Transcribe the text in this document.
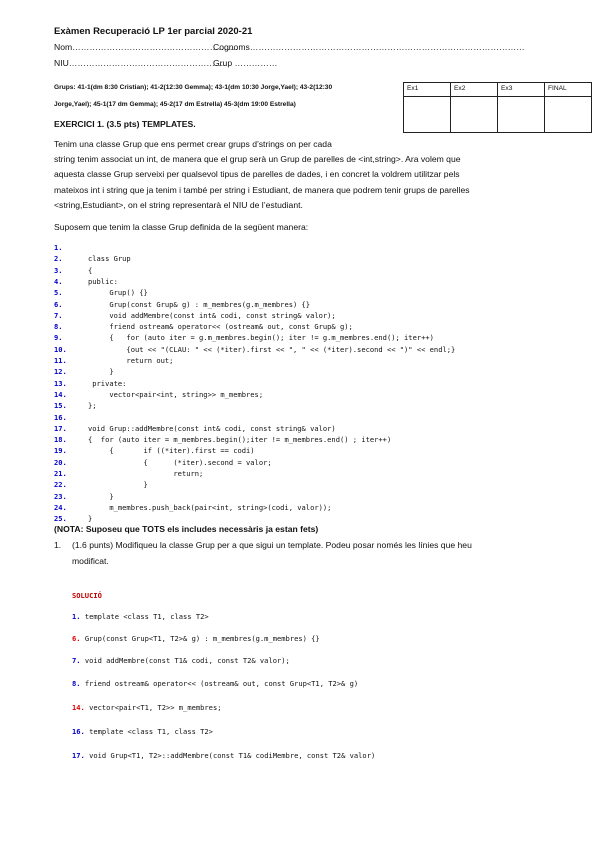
Exàmen Recuperació LP 1er parcial 2020-21
Nom………………………………………………….
Cognoms……………………………………………………………………………………
NIU……………………………………………….
Grup ……………
Grups: 41-1(dm 8:30 Cristian); 41-2(12:30 Gemma); 43-1(dm 10:30 Jorge,Yael); 43-2(12:30
Jorge,Yael); 45-1(17 dm Gemma); 45-2(17 dm Estrella) 45-3(dm 19:00 Estrella)
Ex1	Ex2	Ex3	FINAL

EXERCICI 1. (3.5 pts) TEMPLATES.
Tenim una classe Grup que ens permet crear grups d’strings on per cada
string tenim associat un int, de manera que el grup serà un Grup de parelles de <int,string>. Ara volem que
aquesta classe Grup serveixi per qualsevol tipus de parelles de dades, i en concret la voldrem utilitzar pels
mateixos int i string que ja tenim i també per string i Estudiant, de manera que podrem tenir grups de parelles
<string,Estudiant>, on el string representarà el NIU de l’estudiant.
Suposem que tenim la classe Grup definida de la següent manera:
1.
2.	class Grup
3.	{
4.	public:
5.	Grup() {}
6.	Grup(const Grup& g) : m_membres(g.m_membres) {}
7.	void addMembre(const int& codi, const string& valor);
8.	friend ostream& operator<< (ostream& out, const Grup& g);
9.	{   for (auto iter = g.m_membres.begin(); iter != g.m_membres.end(); iter++)
10.	{out << "(CLAU: " << (*iter).first << ", " << (*iter).second << ")" << endl;}
11.	return out;
12.	}
13.	private:
14.	vector<pair<int, string>> m_membres;
15.	};
16.
17.	void Grup::addMembre(const int& codi, const string& valor)
18.	{  for (auto iter = m_membres.begin();iter != m_membres.end() ; iter++)
19.	{       if ((*iter).first == codi)
20.	{      (*iter).second = valor;
21.	return;
22.	}
23.	}
24.	m_membres.push_back(pair<int, string>(codi, valor));
25.	}
(NOTA: Suposeu que TOTS els includes necessàris ja estan fets)
1. (1.6 punts) Modifiqueu la classe Grup per a que sigui un template. Podeu posar només les línies que heu
modificat.
SOLUCIÓ
1. template <class T1, class T2>
6. Grup(const Grup<T1, T2>& g) : m_membres(g.m_membres) {}
7. void addMembre(const T1& codi, const T2& valor);
8. friend ostream& operator<< (ostream& out, const Grup<T1, T2>& g)
14. vector<pair<T1, T2>> m_membres;
16. template <class T1, class T2>
17. void Grup<T1, T2>::addMembre(const T1& codiMembre, const T2& valor)
